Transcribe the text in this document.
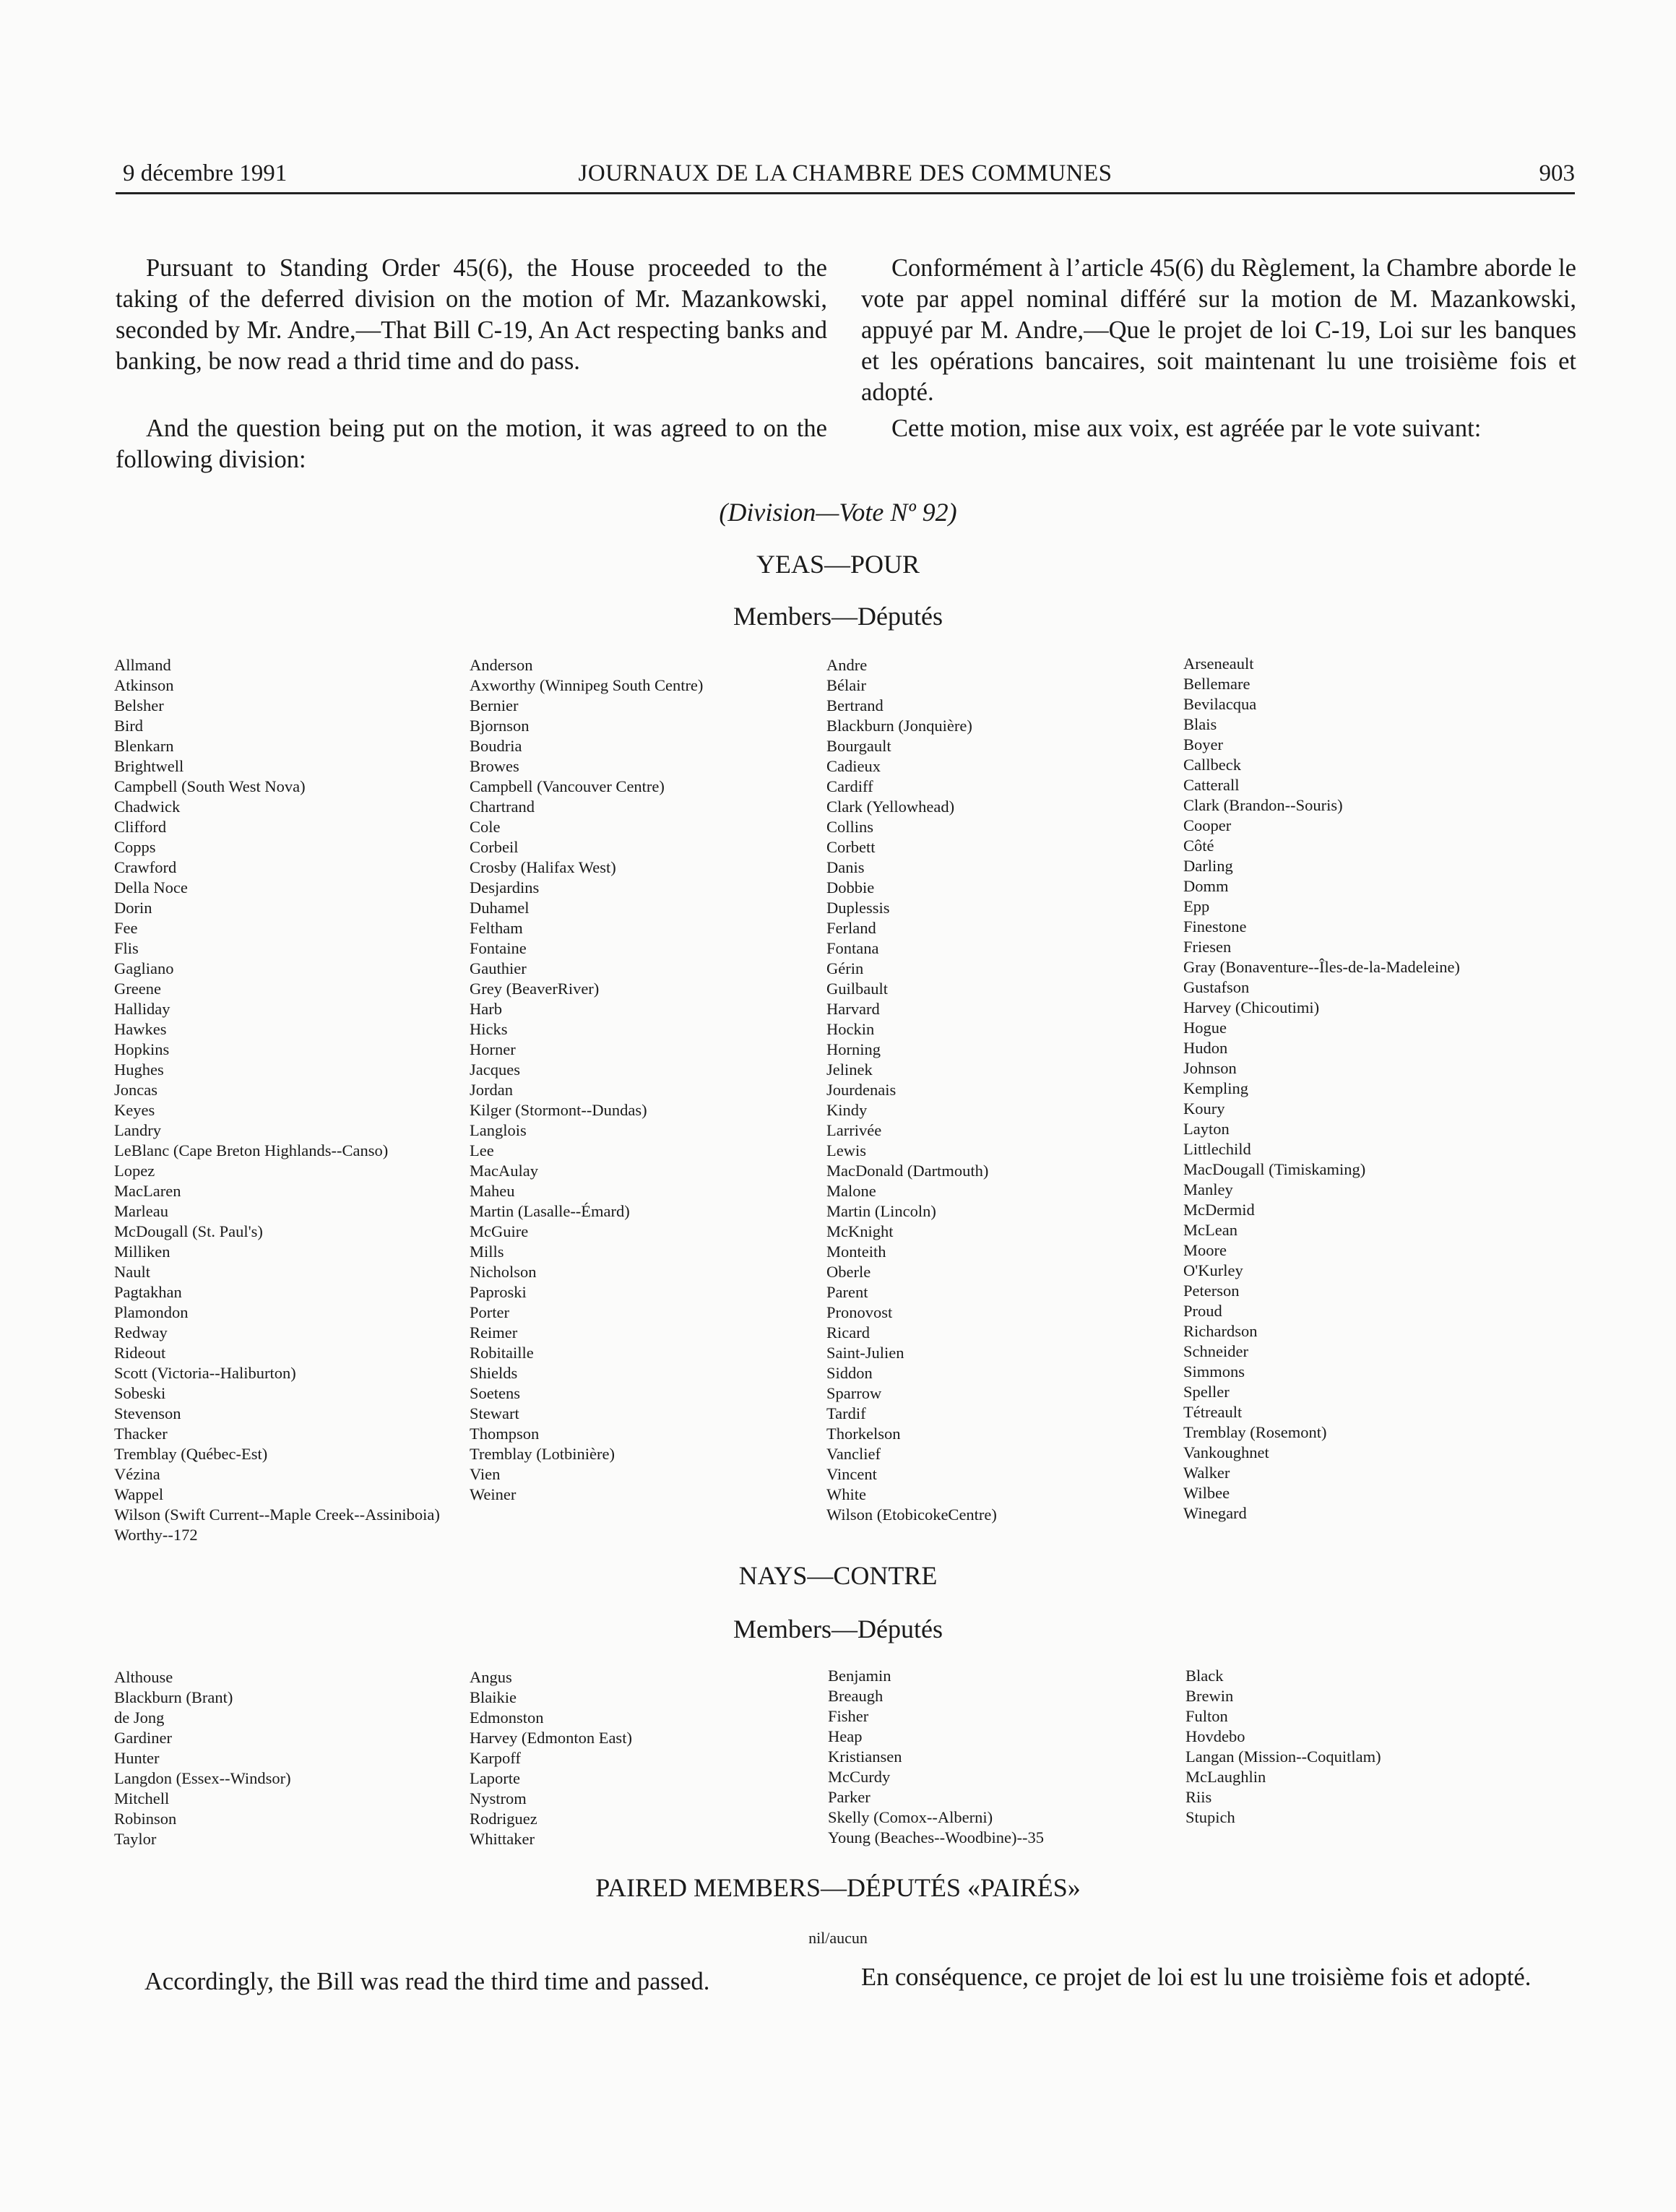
9 décembre 1991	JOURNAUX DE LA CHAMBRE DES COMMUNES	903
Pursuant to Standing Order 45(6), the House proceeded to the taking of the deferred division on the motion of Mr. Mazankowski, seconded by Mr. Andre,—That Bill C-19, An Act respecting banks and banking, be now read a thrid time and do pass.
And the question being put on the motion, it was agreed to on the following division:
Conformément à l’article 45(6) du Règlement, la Chambre aborde le vote par appel nominal différé sur la motion de M. Mazankowski, appuyé par M. Andre,—Que le projet de loi C-19, Loi sur les banques et les opérations bancaires, soit maintenant lu une troisième fois et adopté.
Cette motion, mise aux voix, est agréée par le vote suivant:
(Division—Vote Nº 92)
YEAS—POUR
Members—Députés
Allmand
Atkinson
Belsher
Bird
Blenkarn
Brightwell
Campbell (South West Nova)
Chadwick
Clifford
Copps
Crawford
Della Noce
Dorin
Fee
Flis
Gagliano
Greene
Halliday
Hawkes
Hopkins
Hughes
Joncas
Keyes
Landry
LeBlanc (Cape Breton Highlands--Canso)
Lopez
MacLaren
Marleau
McDougall (St. Paul's)
Milliken
Nault
Pagtakhan
Plamondon
Redway
Rideout
Scott (Victoria--Haliburton)
Sobeski
Stevenson
Thacker
Tremblay (Québec-Est)
Vézina
Wappel
Wilson (Swift Current--Maple Creek--Assiniboia)
Worthy--172
Anderson
Axworthy (Winnipeg South Centre)
Bernier
Bjornson
Boudria
Browes
Campbell (Vancouver Centre)
Chartrand
Cole
Corbeil
Crosby (Halifax West)
Desjardins
Duhamel
Feltham
Fontaine
Gauthier
Grey (BeaverRiver)
Harb
Hicks
Horner
Jacques
Jordan
Kilger (Stormont--Dundas)
Langlois
Lee
MacAulay
Maheu
Martin (Lasalle--Émard)
McGuire
Mills
Nicholson
Paproski
Porter
Reimer
Robitaille
Shields
Soetens
Stewart
Thompson
Tremblay (Lotbinière)
Vien
Weiner
Andre
Bélair
Bertrand
Blackburn (Jonquière)
Bourgault
Cadieux
Cardiff
Clark (Yellowhead)
Collins
Corbett
Danis
Dobbie
Duplessis
Ferland
Fontana
Gérin
Guilbault
Harvard
Hockin
Horning
Jelinek
Jourdenais
Kindy
Larrivée
Lewis
MacDonald (Dartmouth)
Malone
Martin (Lincoln)
McKnight
Monteith
Oberle
Parent
Pronovost
Ricard
Saint-Julien
Siddon
Sparrow
Tardif
Thorkelson
Vanclief
Vincent
White
Wilson (EtobicokeCentre)
Arseneault
Bellemare
Bevilacqua
Blais
Boyer
Callbeck
Catterall
Clark (Brandon--Souris)
Cooper
Côté
Darling
Domm
Epp
Finestone
Friesen
Gray (Bonaventure--Îles-de-la-Madeleine)
Gustafson
Harvey (Chicoutimi)
Hogue
Hudon
Johnson
Kempling
Koury
Layton
Littlechild
MacDougall (Timiskaming)
Manley
McDermid
McLean
Moore
O'Kurley
Peterson
Proud
Richardson
Schneider
Simmons
Speller
Tétreault
Tremblay (Rosemont)
Vankoughnet
Walker
Wilbee
Winegard
NAYS—CONTRE
Members—Députés
Althouse
Blackburn (Brant)
de Jong
Gardiner
Hunter
Langdon (Essex--Windsor)
Mitchell
Robinson
Taylor
Angus
Blaikie
Edmonston
Harvey (Edmonton East)
Karpoff
Laporte
Nystrom
Rodriguez
Whittaker
Benjamin
Breaugh
Fisher
Heap
Kristiansen
McCurdy
Parker
Skelly (Comox--Alberni)
Young (Beaches--Woodbine)--35
Black
Brewin
Fulton
Hovdebo
Langan (Mission--Coquitlam)
McLaughlin
Riis
Stupich
PAIRED MEMBERS—DÉPUTÉS «PAIRÉS»
nil/aucun
Accordingly, the Bill was read the third time and passed.	En conséquence, ce projet de loi est lu une troisième fois et adopté.
